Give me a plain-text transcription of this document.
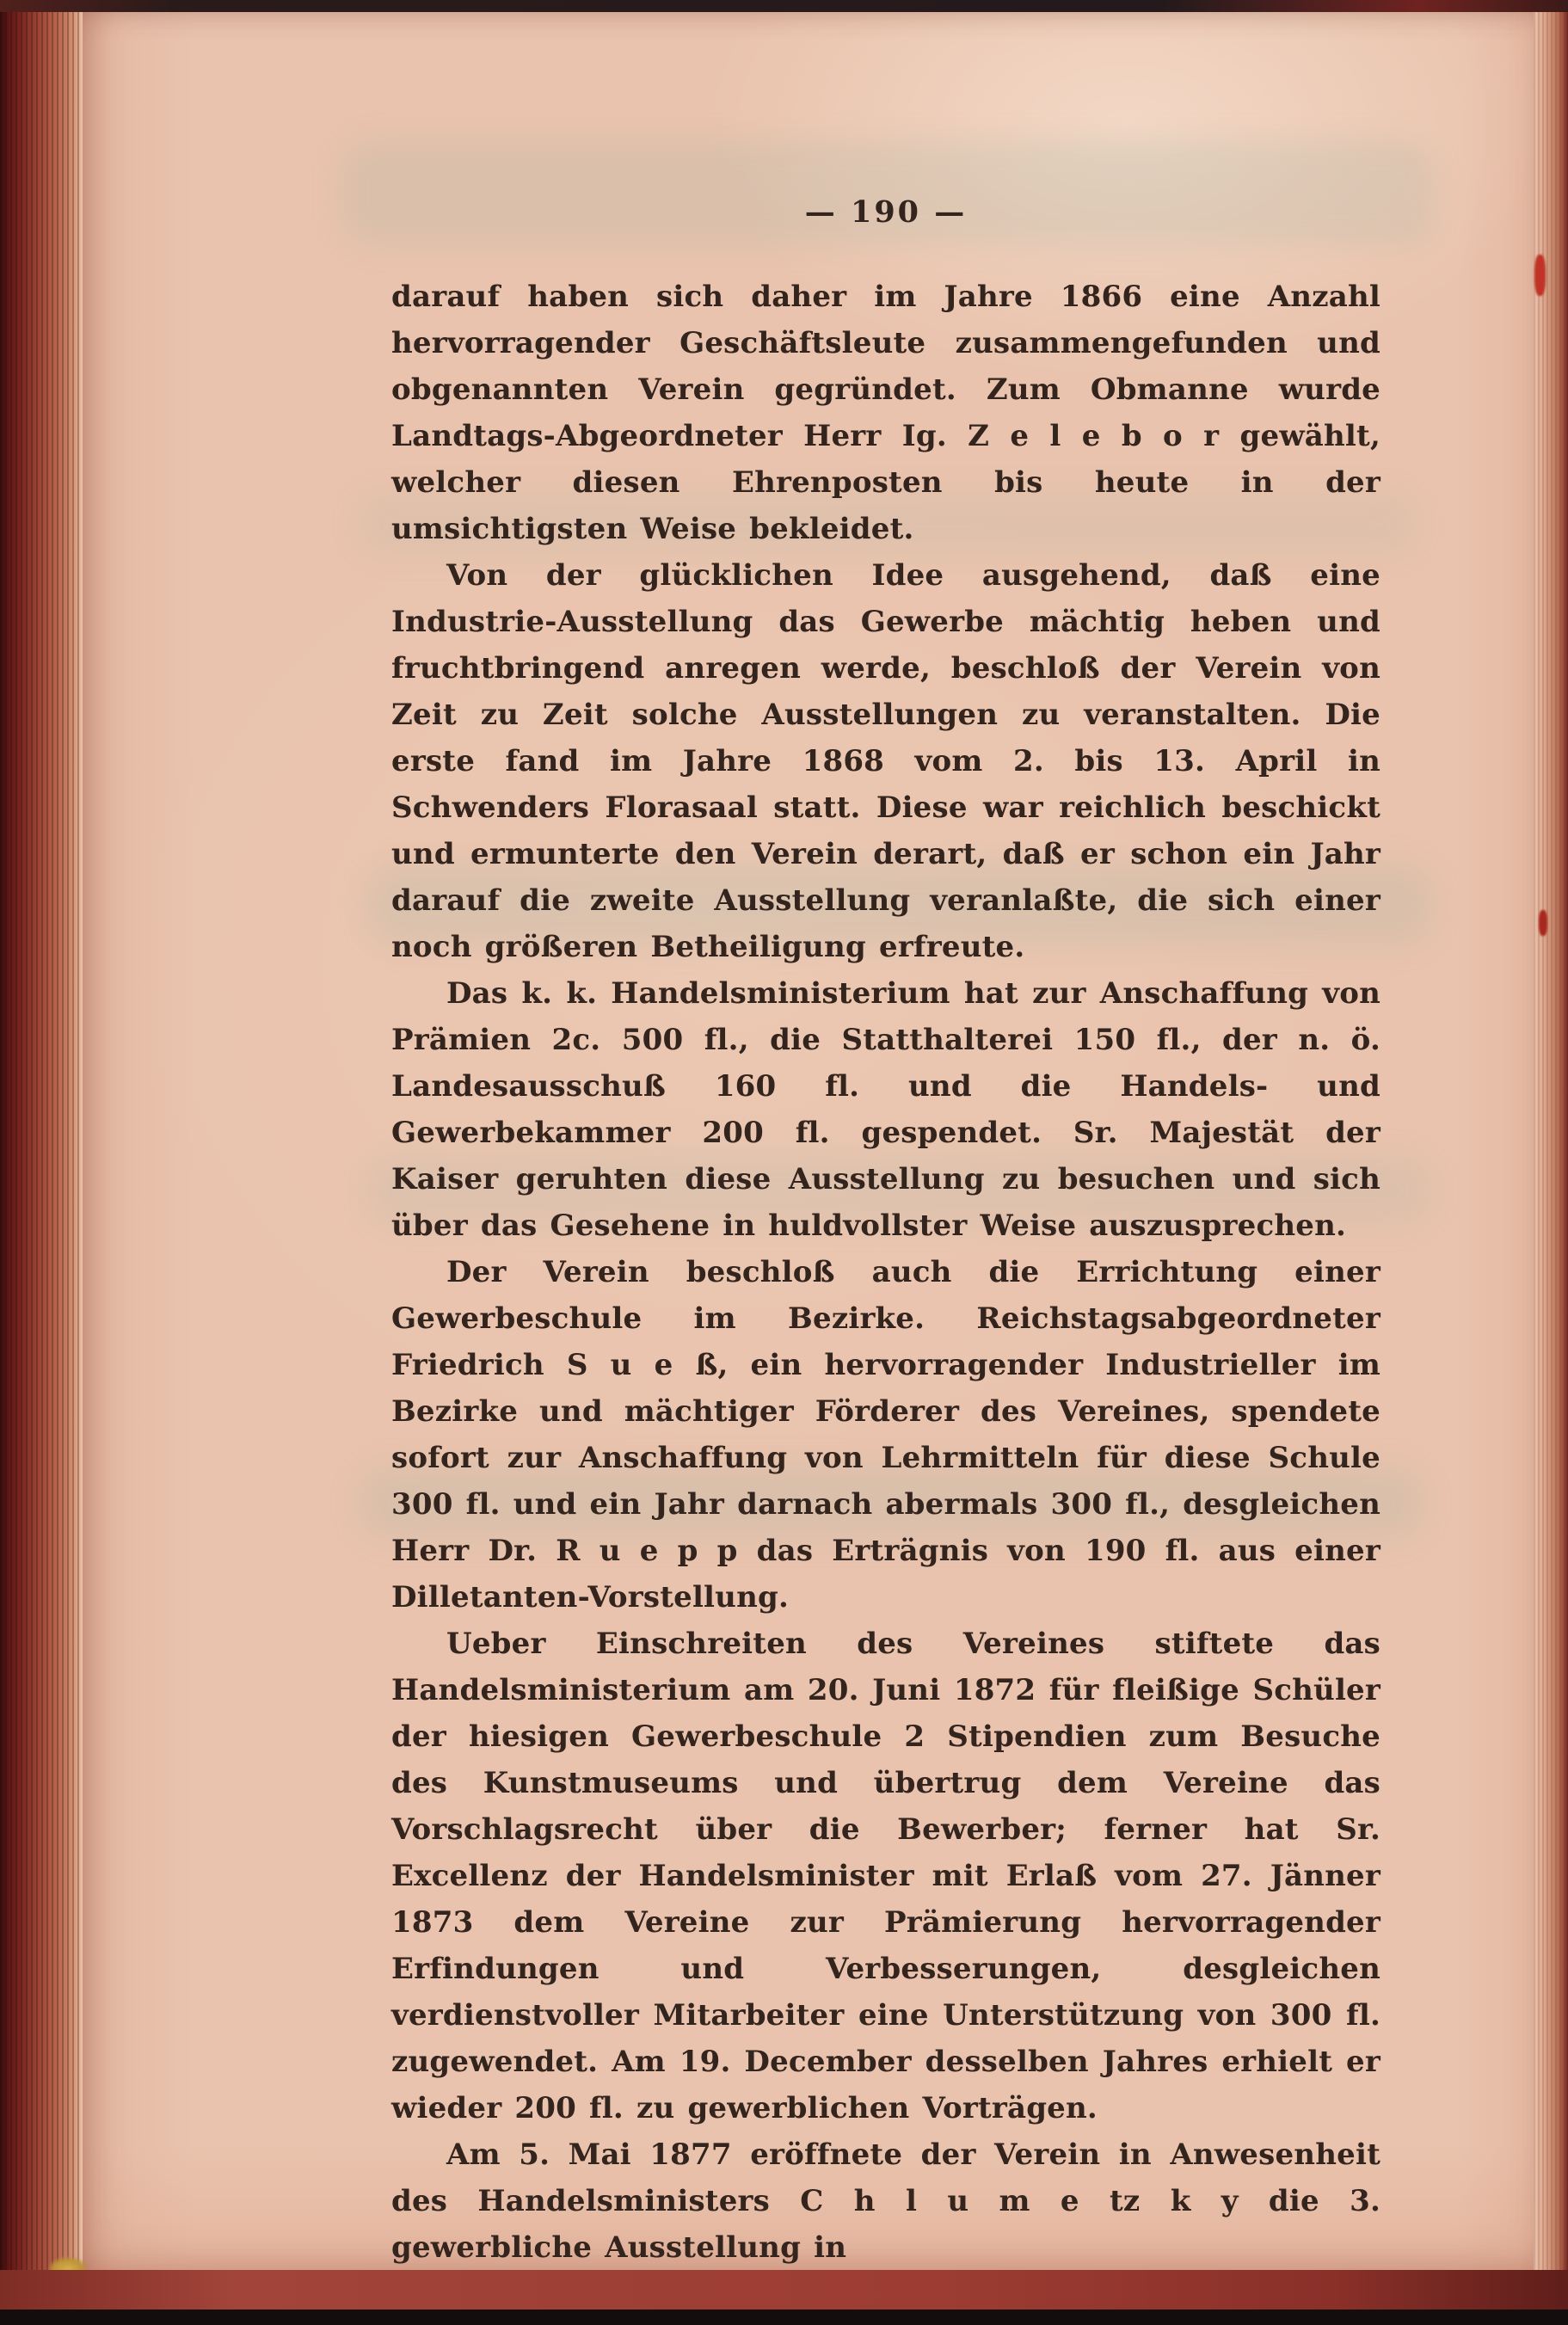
— 190 —

darauf haben sich daher im Jahre 1866 eine Anzahl hervorragender Geschäftsleute zusammengefunden und obgenannten Verein gegründet. Zum Obmanne wurde Landtags-Abgeordneter Herr Ig. Z e l e b o r gewählt, welcher diesen Ehrenposten bis heute in der umsichtigsten Weise bekleidet.

Von der glücklichen Idee ausgehend, daß eine Industrie-Ausstellung das Gewerbe mächtig heben und fruchtbringend anregen werde, beschloß der Verein von Zeit zu Zeit solche Ausstellungen zu veranstalten. Die erste fand im Jahre 1868 vom 2. bis 13. April in Schwenders Florasaal statt. Diese war reichlich beschickt und ermunterte den Verein derart, daß er schon ein Jahr darauf die zweite Ausstellung veranlaßte, die sich einer noch größeren Betheiligung erfreute.

Das k. k. Handelsministerium hat zur Anschaffung von Prämien 2c. 500 fl., die Statthalterei 150 fl., der n. ö. Landesausschuß 160 fl. und die Handels- und Gewerbekammer 200 fl. gespendet. Sr. Majestät der Kaiser geruhten diese Ausstellung zu besuchen und sich über das Gesehene in huldvollster Weise auszusprechen.

Der Verein beschloß auch die Errichtung einer Gewerbeschule im Bezirke. Reichstagsabgeordneter Friedrich S u e ß, ein hervorragender Industrieller im Bezirke und mächtiger Förderer des Vereines, spendete sofort zur Anschaffung von Lehrmitteln für diese Schule 300 fl. und ein Jahr darnach abermals 300 fl., desgleichen Herr Dr. R u e p p das Erträgnis von 190 fl. aus einer Dilletanten-Vorstellung.

Ueber Einschreiten des Vereines stiftete das Handelsministerium am 20. Juni 1872 für fleißige Schüler der hiesigen Gewerbeschule 2 Stipendien zum Besuche des Kunstmuseums und übertrug dem Vereine das Vorschlagsrecht über die Bewerber; ferner hat Sr. Excellenz der Handelsminister mit Erlaß vom 27. Jänner 1873 dem Vereine zur Prämierung hervorragender Erfindungen und Verbesserungen, desgleichen verdienstvoller Mitarbeiter eine Unterstützung von 300 fl. zugewendet. Am 19. December desselben Jahres erhielt er wieder 200 fl. zu gewerblichen Vorträgen.

Am 5. Mai 1877 eröffnete der Verein in Anwesenheit des Handelsministers C h l u m e tz k y die 3. gewerbliche Ausstellung in
